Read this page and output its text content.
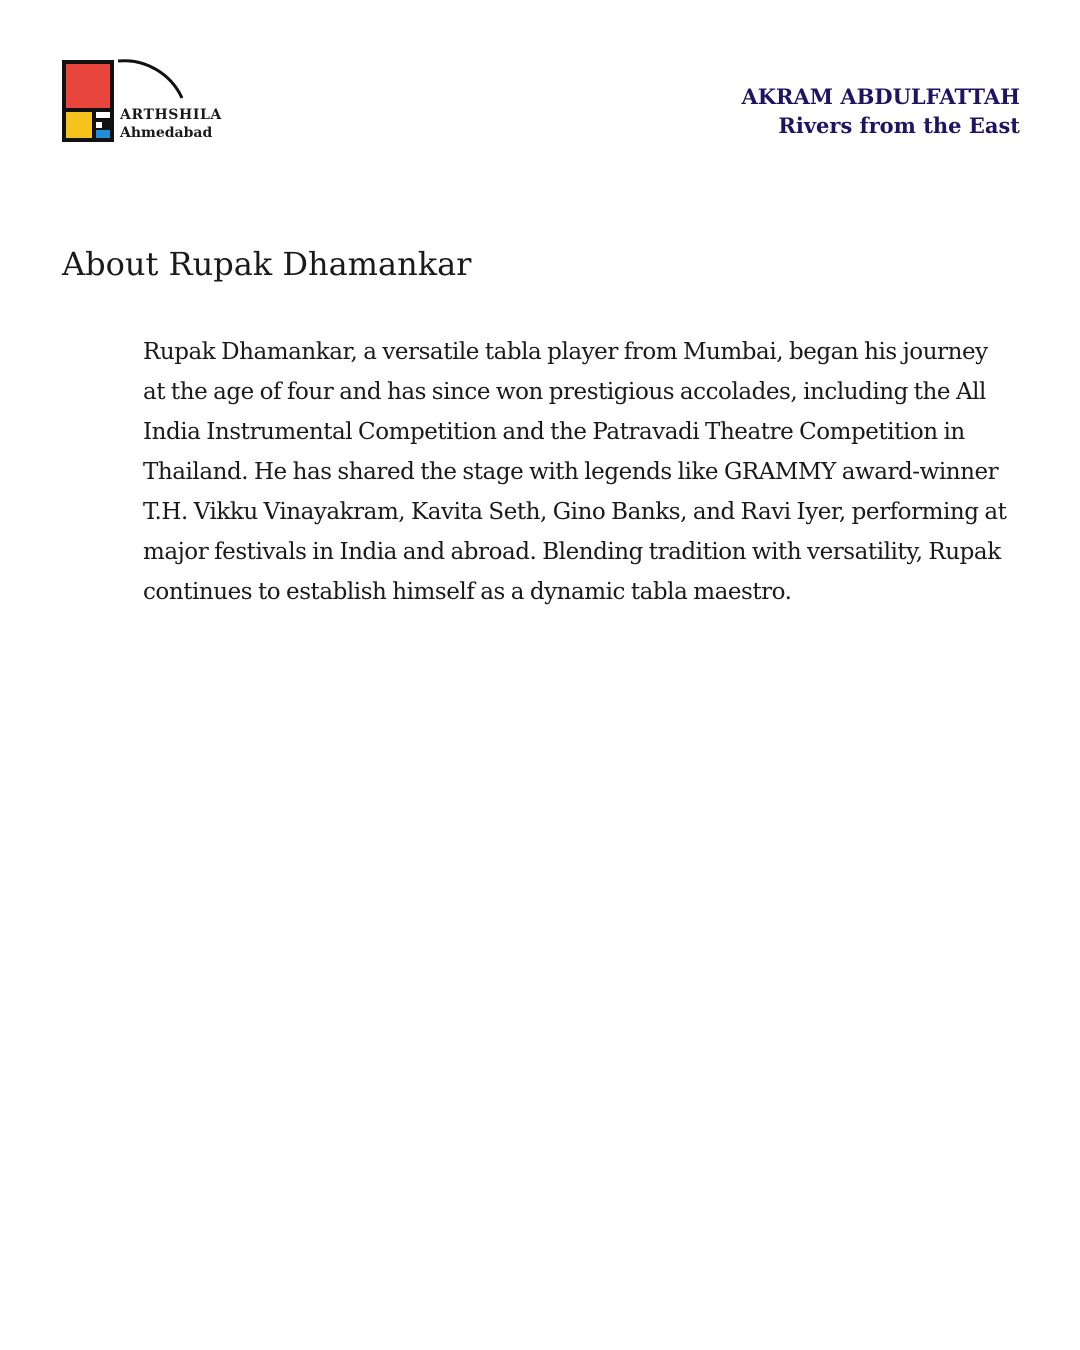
ARTHSHILA
Ahmedabad
AKRAM ABDULFATTAH
Rivers from the East
About Rupak Dhamankar

Rupak Dhamankar, a versatile tabla player from Mumbai, began his journey at the age of four and has since won prestigious accolades, including the All India Instrumental Competition and the Patravadi Theatre Competition in Thailand. He has shared the stage with legends like GRAMMY award-winner T.H. Vikku Vinayakram, Kavita Seth, Gino Banks, and Ravi Iyer, performing at major festivals in India and abroad. Blending tradition with versatility, Rupak continues to establish himself as a dynamic tabla maestro.
